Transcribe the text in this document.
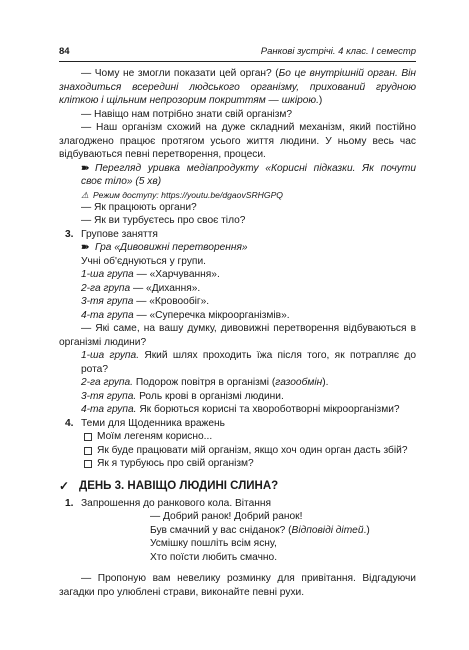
84	Ранкові зустрічі. 4 клас. І семестр

— Чому не змогли показати цей орган? (Бо це внутрішній орган. Він знаходиться всередині людського організму, прихований грудною кліткою і щільним непрозорим покриттям — шкірою.)

— Навіщо нам потрібно знати свій організм?

— Наш організм схожий на дуже складний механізм, який постійно злагоджено працює протягом усього життя людини. У ньому весь час відбуваються певні перетворення, процеси.

➽ Перегляд уривка медіапродукту «Корисні підказки. Як почути своє тіло» (5 хв)

⚠ Режим доступу: https://youtu.be/dgaovSRHGPQ

— Як працюють органи?

— Як ви турбуєтесь про своє тіло?

3. Групове заняття

➽ Гра «Дивовижні перетворення»

Учні об'єднуються у групи.

1-ша група — «Харчування».

2-га група — «Дихання».

3-тя група — «Кровообіг».

4-та група — «Суперечка мікроорганізмів».

— Які саме, на вашу думку, дивовижні перетворення відбуваються в організмі людини?

1-ша група. Який шлях проходить їжа після того, як потрапляє до рота?

2-га група. Подорож повітря в організмі (газообмін).

3-тя група. Роль крові в організмі людини.

4-та група. Як борються корисні та хвороботворні мікроорганізми?

4. Теми для Щоденника вражень

Моїм легеням корисно...

Як буде працювати мій організм, якщо хоч один орган дасть збій?

Як я турбуюсь про свій організм?

✓ ДЕНЬ 3. НАВІЩО ЛЮДИНІ СЛИНА?

1. Запрошення до ранкового кола. Вітання

— Добрий ранок! Добрий ранок!

Був смачний у вас сніданок? (Відповіді дітей.)

Усмішку пошліть всім ясну,

Хто поїсти любить смачно.

— Пропоную вам невелику розминку для привітання. Відгадуючи загадки про улюблені страви, виконайте певні рухи.
